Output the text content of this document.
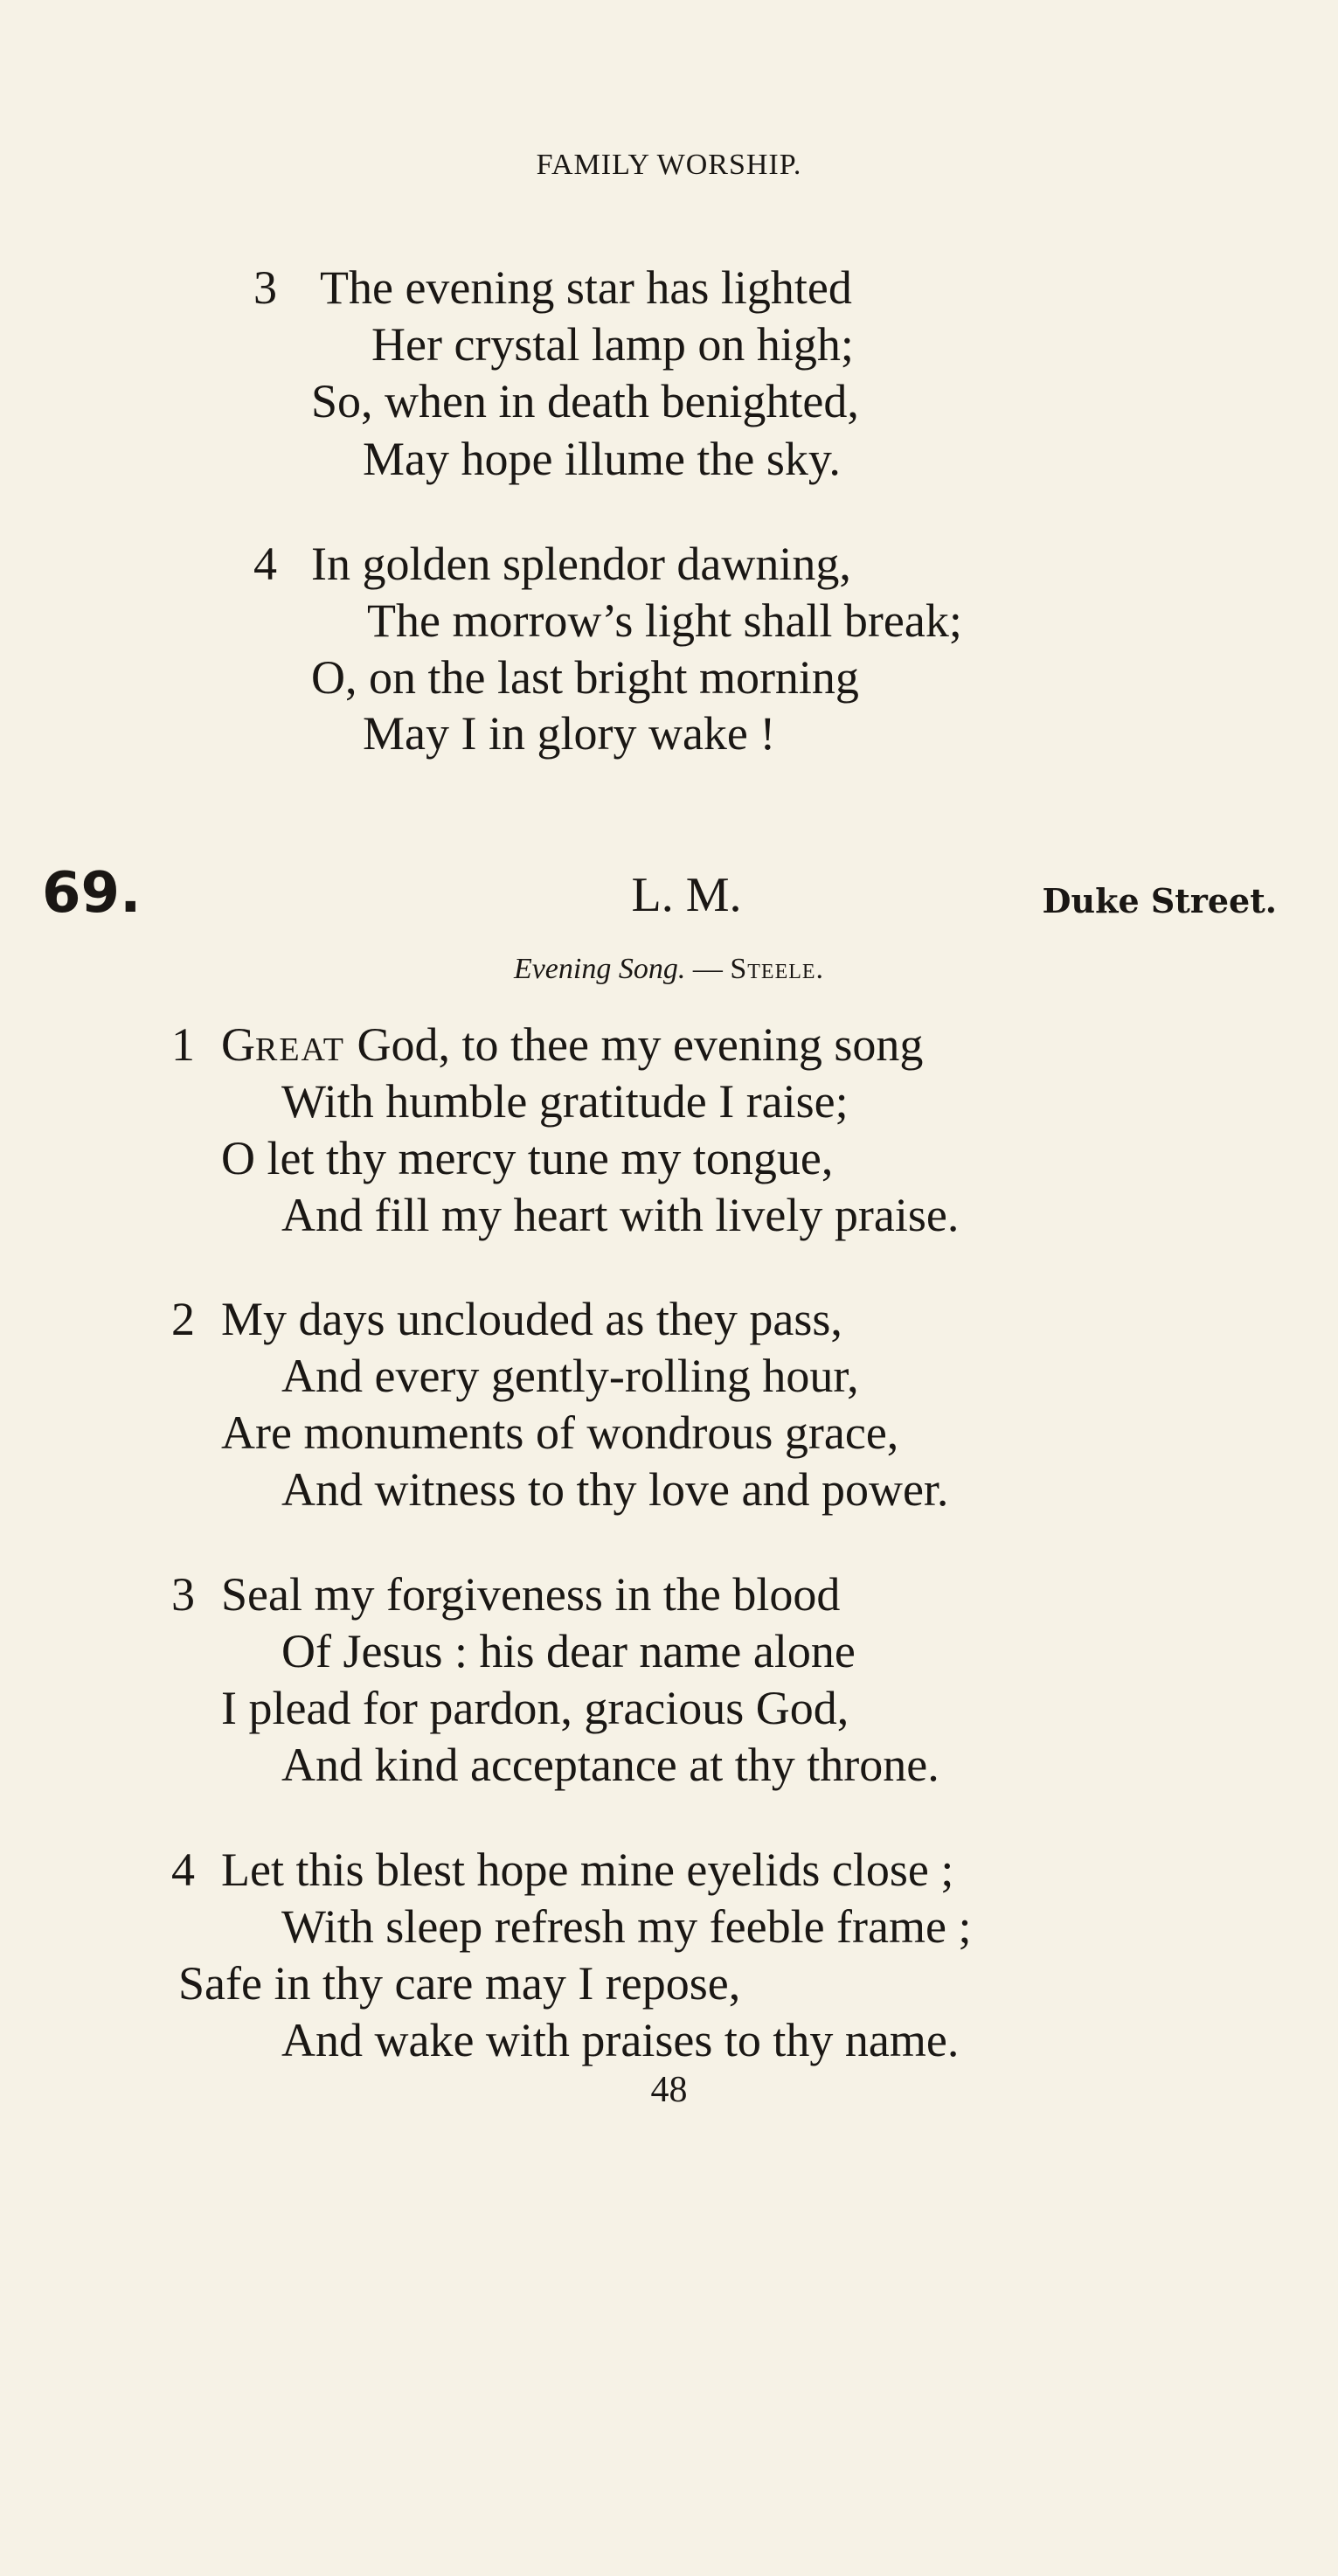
FAMILY WORSHIP.
3 The evening star has lighted
Her crystal lamp on high;
So, when in death benighted,
May hope illume the sky.
4 In golden splendor dawning,
The morrow’s light shall break;
O, on the last bright morning
May I in glory wake !
69.	L. M.	Duke Street.
Evening Song. — Steele.
1 Great God, to thee my evening song
With humble gratitude I raise;
O let thy mercy tune my tongue,
And fill my heart with lively praise.
2 My days unclouded as they pass,
And every gently-rolling hour,
Are monuments of wondrous grace,
And witness to thy love and power.
3 Seal my forgiveness in the blood
Of Jesus : his dear name alone
I plead for pardon, gracious God,
And kind acceptance at thy throne.
4 Let this blest hope mine eyelids close ;
With sleep refresh my feeble frame ;
Safe in thy care may I repose,
And wake with praises to thy name.
48
